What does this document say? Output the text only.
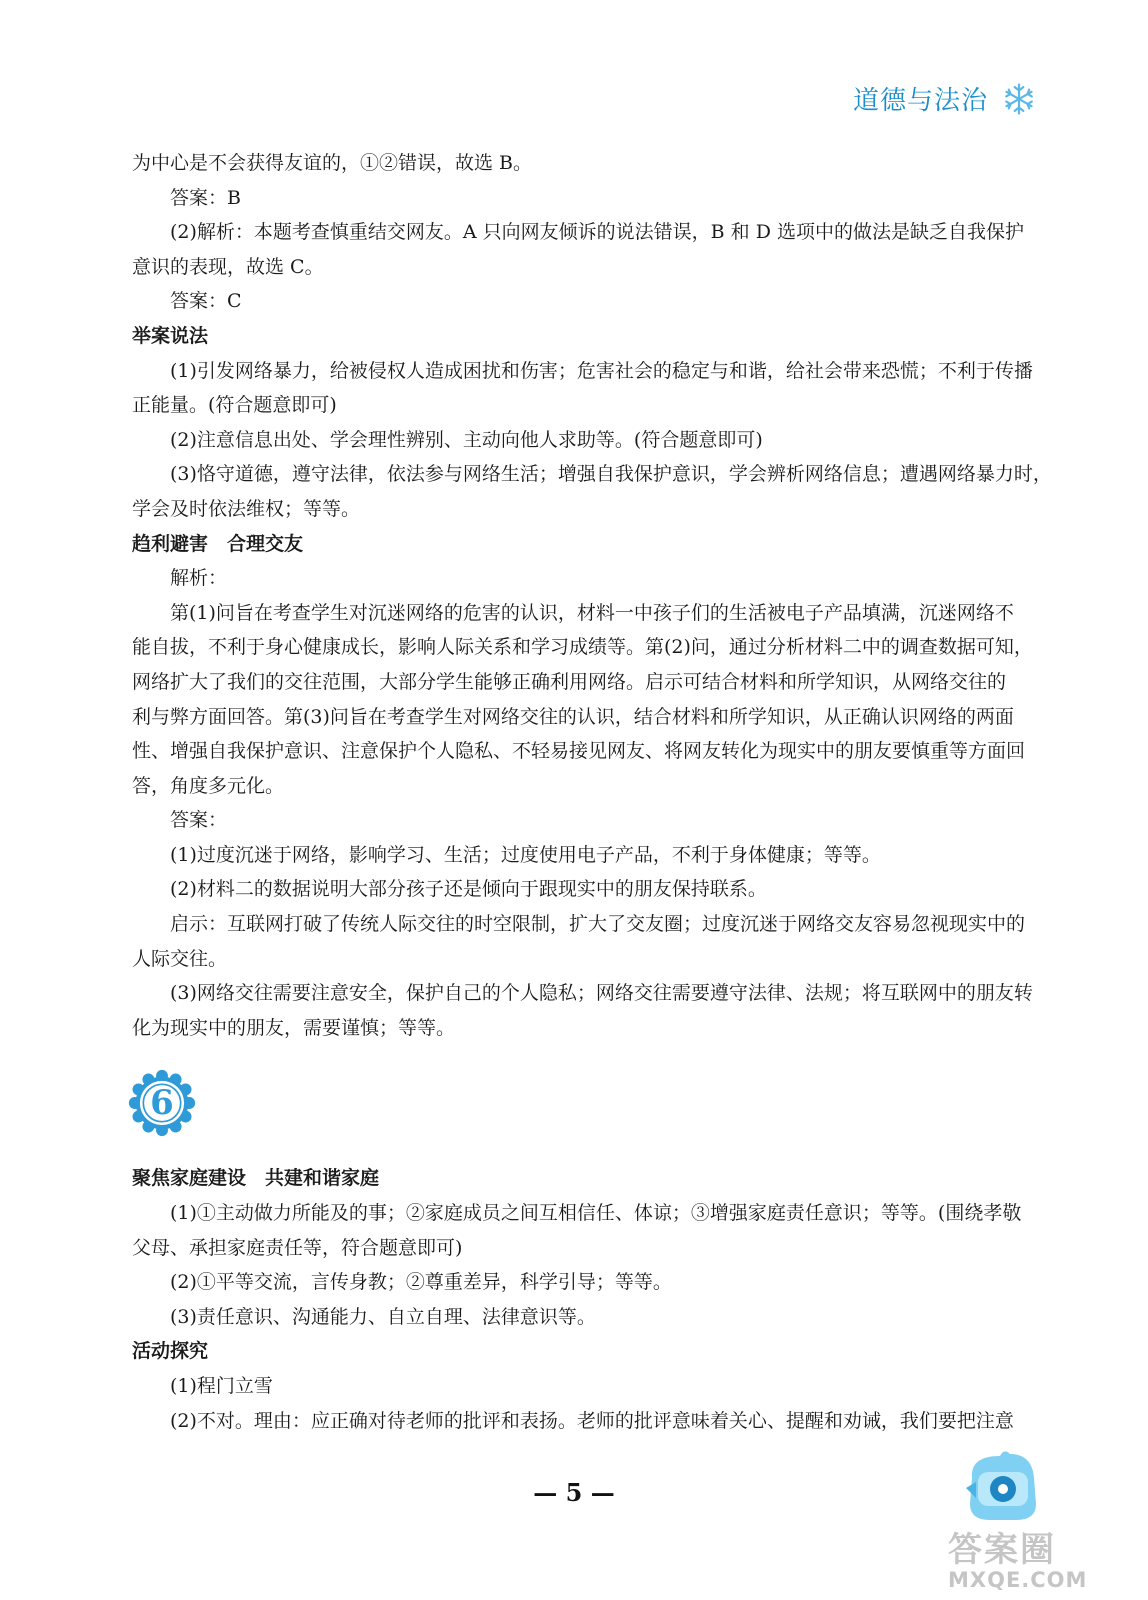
道德与法治
为中心是不会获得友谊的，①②错误，故选 B。
答案：B
(2)解析：本题考查慎重结交网友。A 只向网友倾诉的说法错误，B 和 D 选项中的做法是缺乏自我保护
意识的表现，故选 C。
答案：C
举案说法
(1)引发网络暴力，给被侵权人造成困扰和伤害；危害社会的稳定与和谐，给社会带来恐慌；不利于传播
正能量。(符合题意即可)
(2)注意信息出处、学会理性辨别、主动向他人求助等。(符合题意即可)
(3)恪守道德，遵守法律，依法参与网络生活；增强自我保护意识，学会辨析网络信息；遭遇网络暴力时，
学会及时依法维权；等等。
趋利避害　合理交友
解析：
第(1)问旨在考查学生对沉迷网络的危害的认识，材料一中孩子们的生活被电子产品填满，沉迷网络不
能自拔，不利于身心健康成长，影响人际关系和学习成绩等。第(2)问，通过分析材料二中的调查数据可知，
网络扩大了我们的交往范围，大部分学生能够正确利用网络。启示可结合材料和所学知识，从网络交往的
利与弊方面回答。第(3)问旨在考查学生对网络交往的认识，结合材料和所学知识，从正确认识网络的两面
性、增强自我保护意识、注意保护个人隐私、不轻易接见网友、将网友转化为现实中的朋友要慎重等方面回
答，角度多元化。
答案：
(1)过度沉迷于网络，影响学习、生活；过度使用电子产品，不利于身体健康；等等。
(2)材料二的数据说明大部分孩子还是倾向于跟现实中的朋友保持联系。
启示：互联网打破了传统人际交往的时空限制，扩大了交友圈；过度沉迷于网络交友容易忽视现实中的
人际交往。
(3)网络交往需要注意安全，保护自己的个人隐私；网络交往需要遵守法律、法规；将互联网中的朋友转
化为现实中的朋友，需要谨慎；等等。
6
聚焦家庭建设　共建和谐家庭
(1)①主动做力所能及的事；②家庭成员之间互相信任、体谅；③增强家庭责任意识；等等。(围绕孝敬
父母、承担家庭责任等，符合题意即可)
(2)①平等交流，言传身教；②尊重差异，科学引导；等等。
(3)责任意识、沟通能力、自立自理、法律意识等。
活动探究
(1)程门立雪
(2)不对。理由：应正确对待老师的批评和表扬。老师的批评意味着关心、提醒和劝诫，我们要把注意
— 5 —
答案圈
MXQE.COM
